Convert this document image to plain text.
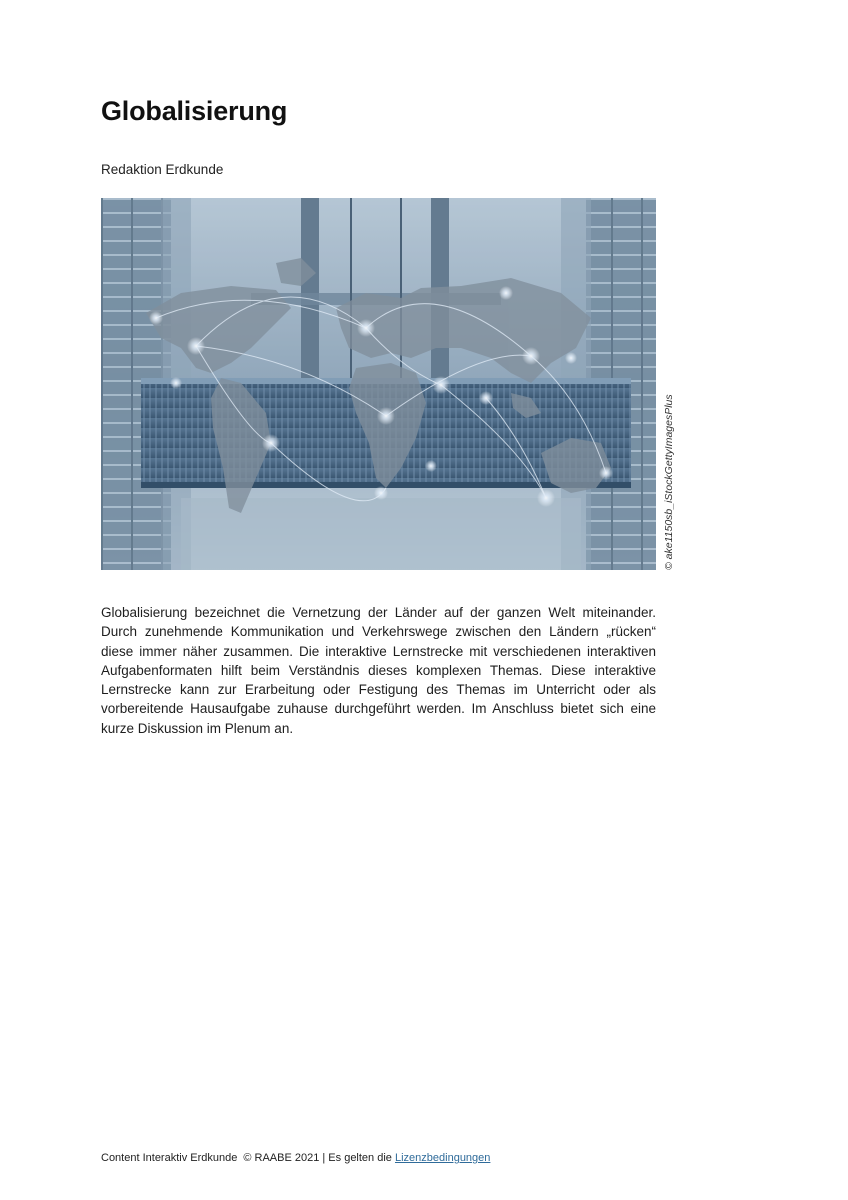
Globalisierung

Redaktion Erdkunde

© ake1150sb_iStockGettyImagesPlus

Globalisierung bezeichnet die Vernetzung der Länder auf der ganzen Welt miteinander. Durch zunehmende Kommunikation und Verkehrswege zwischen den Ländern „rücken“ diese immer näher zusammen. Die interaktive Lernstrecke mit verschiedenen interaktiven Aufgabenformaten hilft beim Verständnis dieses komplexen Themas. Diese interaktive Lernstrecke kann zur Erarbeitung oder Festigung des Themas im Unterricht oder als vorbereitende Hausaufgabe zuhause durchgeführt werden. Im Anschluss bietet sich eine kurze Diskussion im Plenum an.

Content Interaktiv Erdkunde © RAABE 2021 | Es gelten die Lizenzbedingungen
